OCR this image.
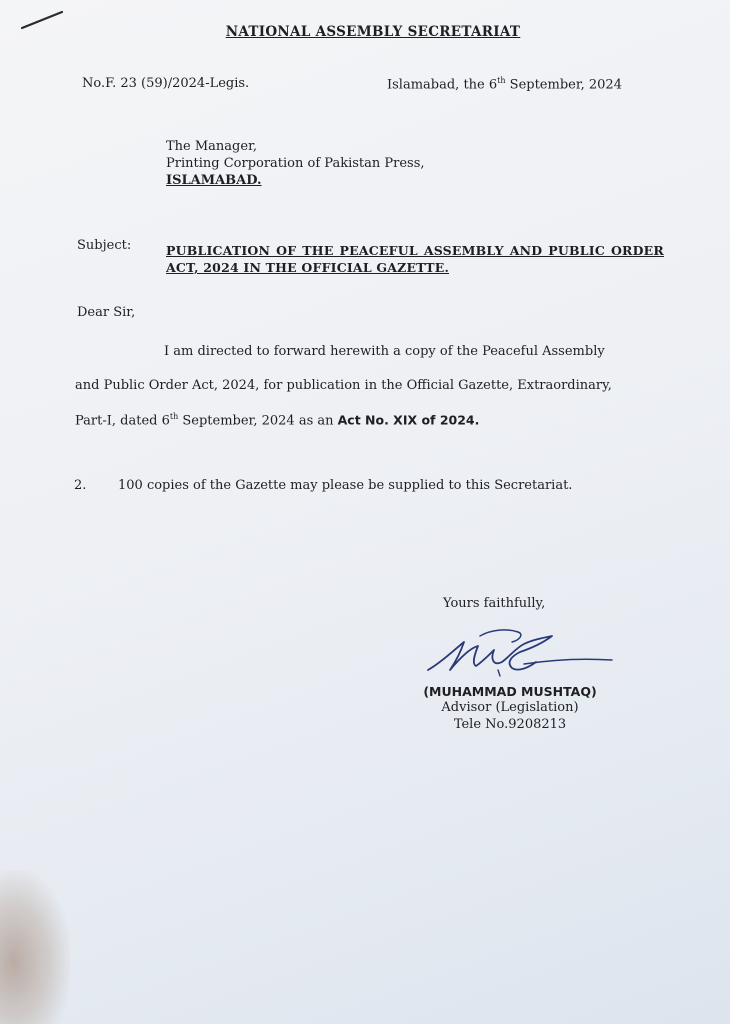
NATIONAL ASSEMBLY SECRETARIAT
No.F. 23 (59)/2024-Legis.	Islamabad, the 6th September, 2024
The Manager,
Printing Corporation of Pakistan Press,
ISLAMABAD.
Subject:	PUBLICATION OF THE PEACEFUL ASSEMBLY AND PUBLIC ORDER ACT, 2024 IN THE OFFICIAL GAZETTE.
Dear Sir,
I am directed to forward herewith a copy of the Peaceful Assembly
and Public Order Act, 2024, for publication in the Official Gazette, Extraordinary,
Part-I, dated 6th September, 2024 as an Act No. XIX of 2024.
2. 100 copies of the Gazette may please be supplied to this Secretariat.
Yours faithfully,
(MUHAMMAD MUSHTAQ)
Advisor (Legislation)
Tele No.9208213
